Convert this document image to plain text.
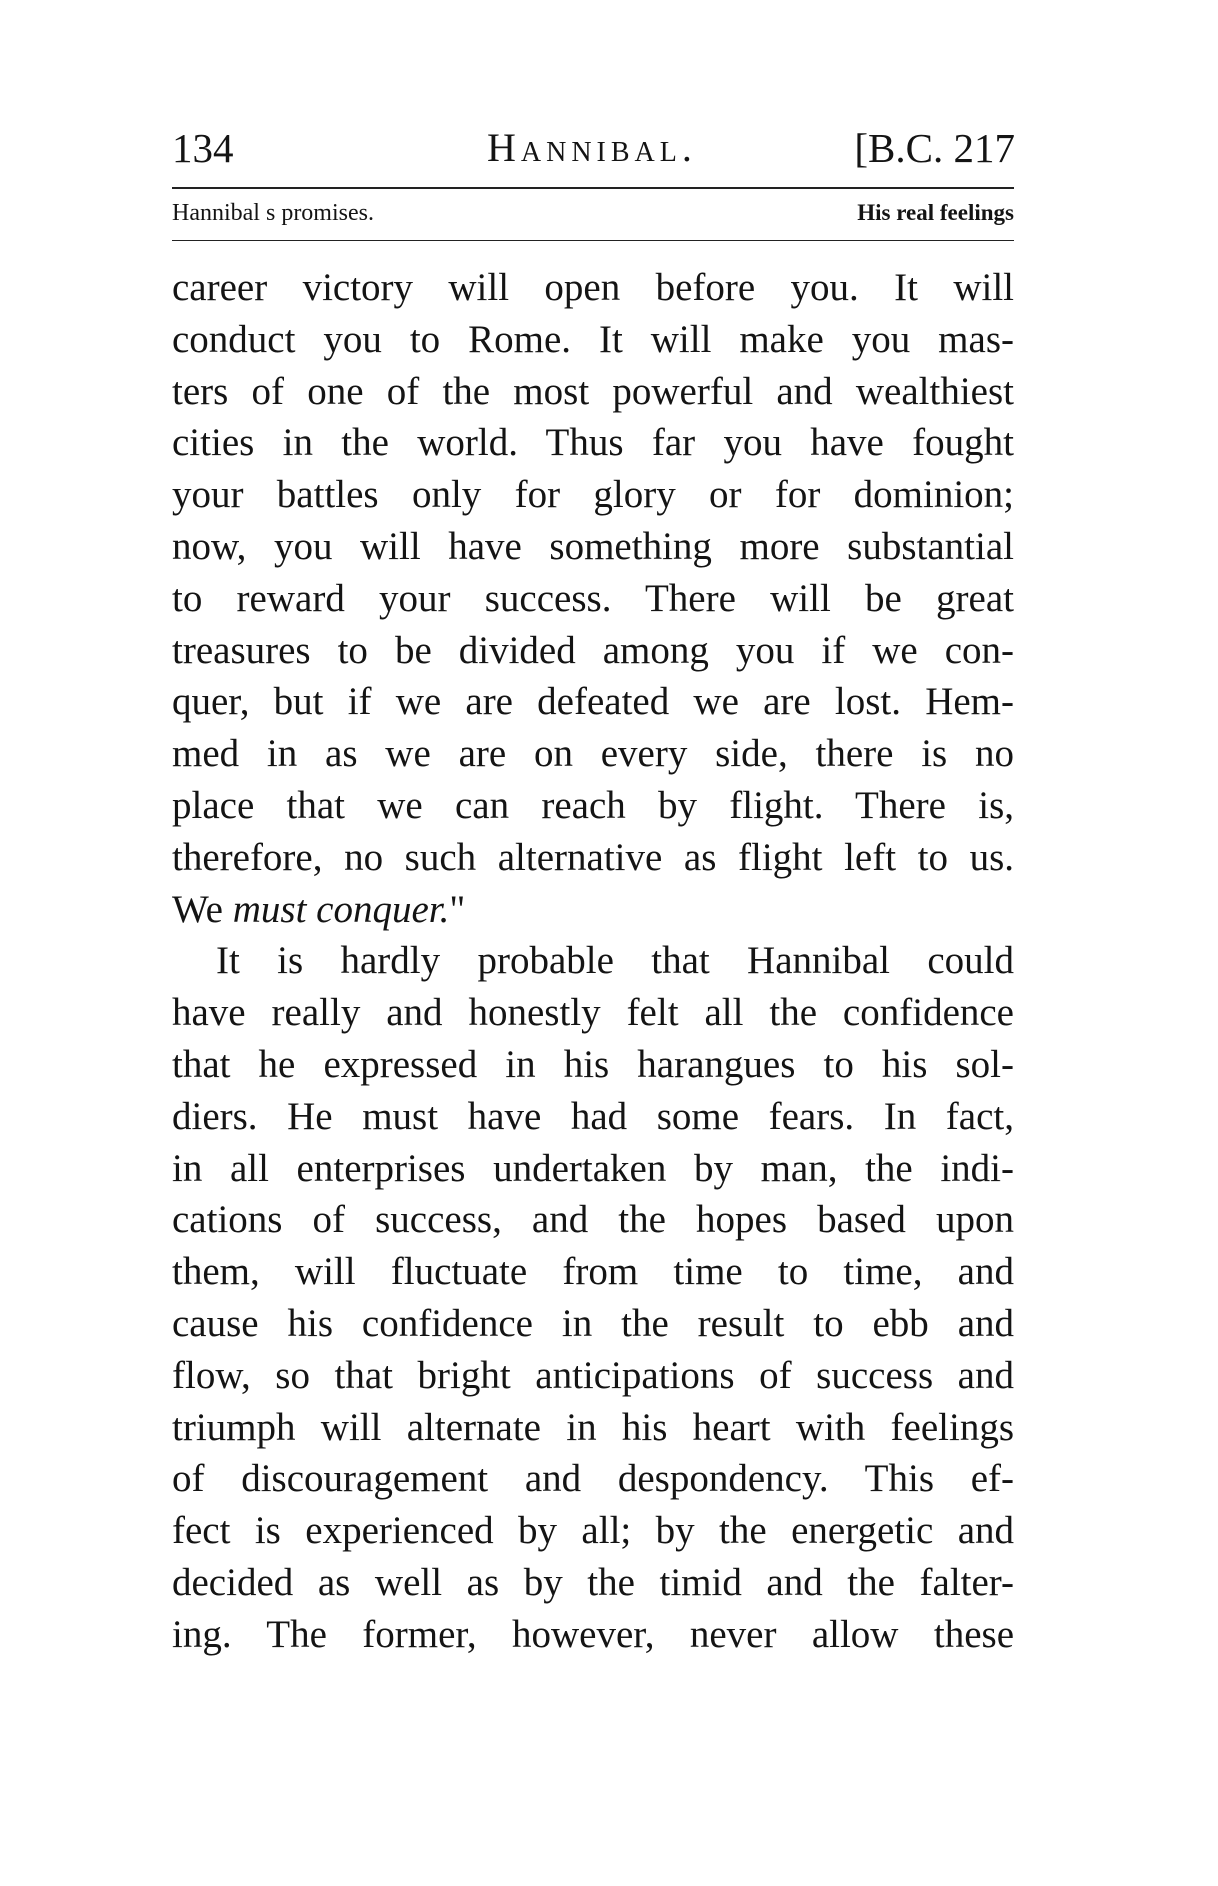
134	Hannibal.	[B.C. 217
Hannibal s promises.	His real feelings
career victory will open before you. It will
conduct you to Rome. It will make you mas-
ters of one of the most powerful and wealthiest
cities in the world. Thus far you have fought
your battles only for glory or for dominion;
now, you will have something more substantial
to reward your success. There will be great
treasures to be divided among you if we con-
quer, but if we are defeated we are lost. Hem-
med in as we are on every side, there is no
place that we can reach by flight. There is,
therefore, no such alternative as flight left to us.
We must conquer."
It is hardly probable that Hannibal could
have really and honestly felt all the confidence
that he expressed in his harangues to his sol-
diers. He must have had some fears. In fact,
in all enterprises undertaken by man, the indi-
cations of success, and the hopes based upon
them, will fluctuate from time to time, and
cause his confidence in the result to ebb and
flow, so that bright anticipations of success and
triumph will alternate in his heart with feelings
of discouragement and despondency. This ef-
fect is experienced by all; by the energetic and
decided as well as by the timid and the falter-
ing. The former, however, never allow these
